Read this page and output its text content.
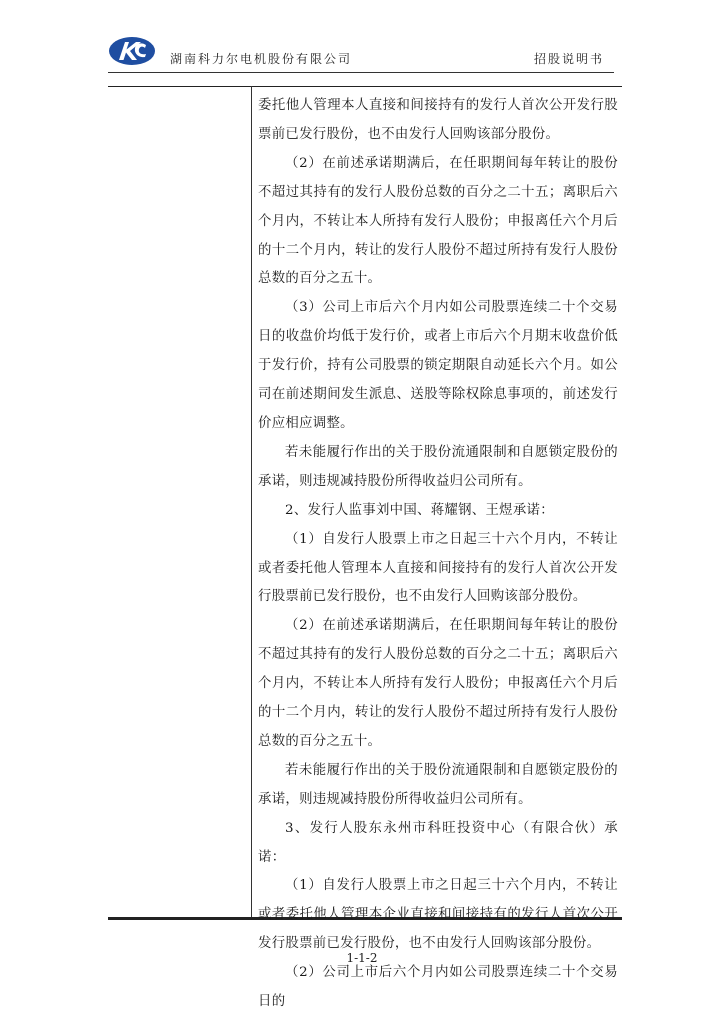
湖南科力尔电机股份有限公司	招股说明书

委托他人管理本人直接和间接持有的发行人首次公开发行股票前已发行股份，也不由发行人回购该部分股份。

（2）在前述承诺期满后，在任职期间每年转让的股份不超过其持有的发行人股份总数的百分之二十五；离职后六个月内，不转让本人所持有发行人股份；申报离任六个月后的十二个月内，转让的发行人股份不超过所持有发行人股份总数的百分之五十。

（3）公司上市后六个月内如公司股票连续二十个交易日的收盘价均低于发行价，或者上市后六个月期末收盘价低于发行价，持有公司股票的锁定期限自动延长六个月。如公司在前述期间发生派息、送股等除权除息事项的，前述发行价应相应调整。

若未能履行作出的关于股份流通限制和自愿锁定股份的承诺，则违规减持股份所得收益归公司所有。

2、发行人监事刘中国、蒋耀钢、王煜承诺：

（1）自发行人股票上市之日起三十六个月内，不转让或者委托他人管理本人直接和间接持有的发行人首次公开发行股票前已发行股份，也不由发行人回购该部分股份。

（2）在前述承诺期满后，在任职期间每年转让的股份不超过其持有的发行人股份总数的百分之二十五；离职后六个月内，不转让本人所持有发行人股份；申报离任六个月后的十二个月内，转让的发行人股份不超过所持有发行人股份总数的百分之五十。

若未能履行作出的关于股份流通限制和自愿锁定股份的承诺，则违规减持股份所得收益归公司所有。

3、发行人股东永州市科旺投资中心（有限合伙）承诺：

（1）自发行人股票上市之日起三十六个月内，不转让或者委托他人管理本企业直接和间接持有的发行人首次公开发行股票前已发行股份，也不由发行人回购该部分股份。

（2）公司上市后六个月内如公司股票连续二十个交易日的

1-1-2
